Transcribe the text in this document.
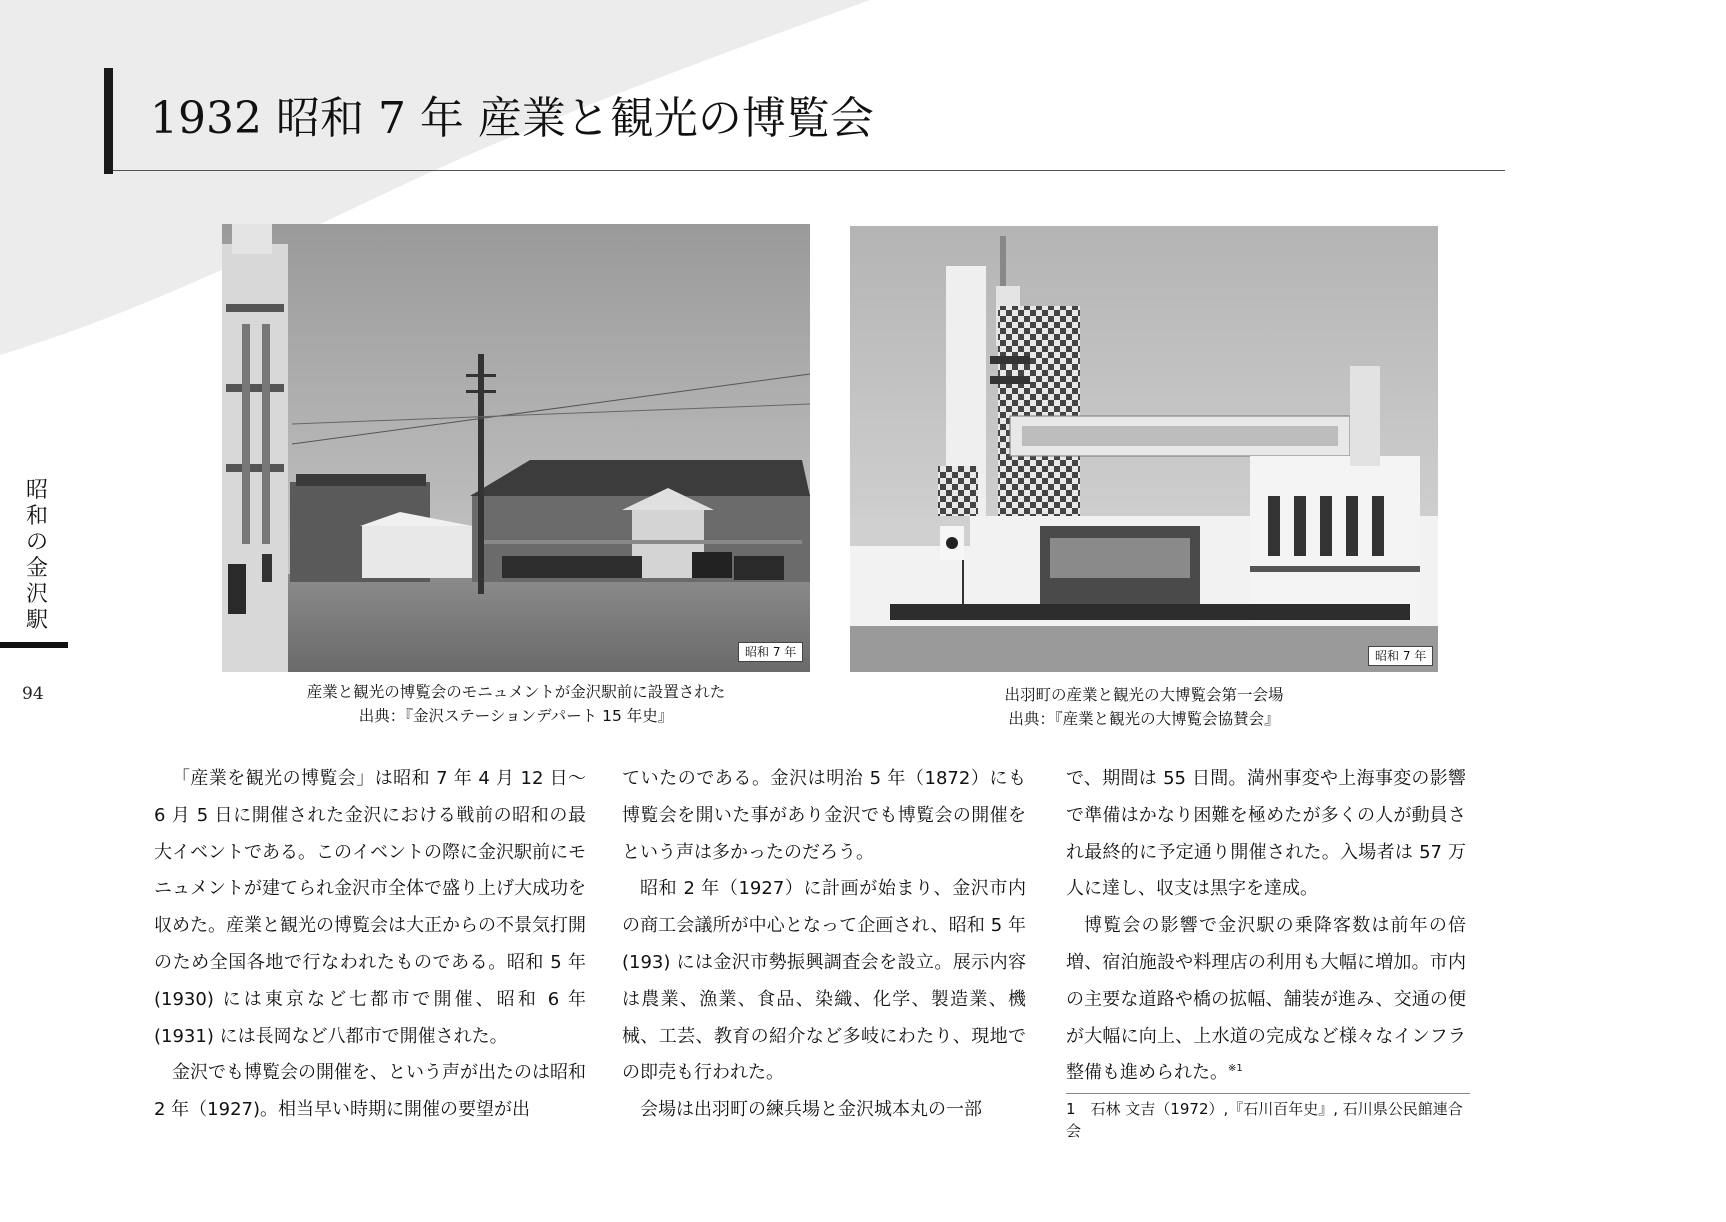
1932 昭和 7 年 産業と観光の博覧会
昭
和
の
金
沢
駅
94
昭和 7 年	昭和 7 年
産業と観光の博覧会のモニュメントが金沢駅前に設置された
出典：『金沢ステーションデパート 15 年史』
出羽町の産業と観光の大博覧会第一会場
出典：『産業と観光の大博覧会協賛会』

「産業を観光の博覧会」は昭和 7 年 4 月 12 日〜 6 月 5 日に開催された金沢における戦前の昭和の最大イベントである。このイベントの際に金沢駅前にモニュメントが建てられ金沢市全体で盛り上げ大成功を収めた。産業と観光の博覧会は大正からの不景気打開のため全国各地で行なわれたものである。昭和 5 年 (1930) には東京など七都市で開催、昭和 6 年 (1931) には長岡など八都市で開催された。

金沢でも博覧会の開催を、という声が出たのは昭和 2 年（1927)。相当早い時期に開催の要望が出

ていたのである。金沢は明治 5 年（1872）にも博覧会を開いた事があり金沢でも博覧会の開催をという声は多かったのだろう。

昭和 2 年（1927）に計画が始まり、金沢市内の商工会議所が中心となって企画され、昭和 5 年 (193) には金沢市勢振興調査会を設立。展示内容は農業、漁業、食品、染織、化学、製造業、機械、工芸、教育の紹介など多岐にわたり、現地での即売も行われた。

会場は出羽町の練兵場と金沢城本丸の一部

で、期間は 55 日間。満州事変や上海事変の影響で準備はかなり困難を極めたが多くの人が動員され最終的に予定通り開催された。入場者は 57 万人に達し、収支は黒字を達成。

博覧会の影響で金沢駅の乗降客数は前年の倍増、宿泊施設や料理店の利用も大幅に増加。市内の主要な道路や橋の拡幅、舗装が進み、交通の便が大幅に向上、上水道の完成など様々なインフラ整備も進められた。$^{※1}$

1　石林 文吉（1972）,『石川百年史』, 石川県公民館連合会
